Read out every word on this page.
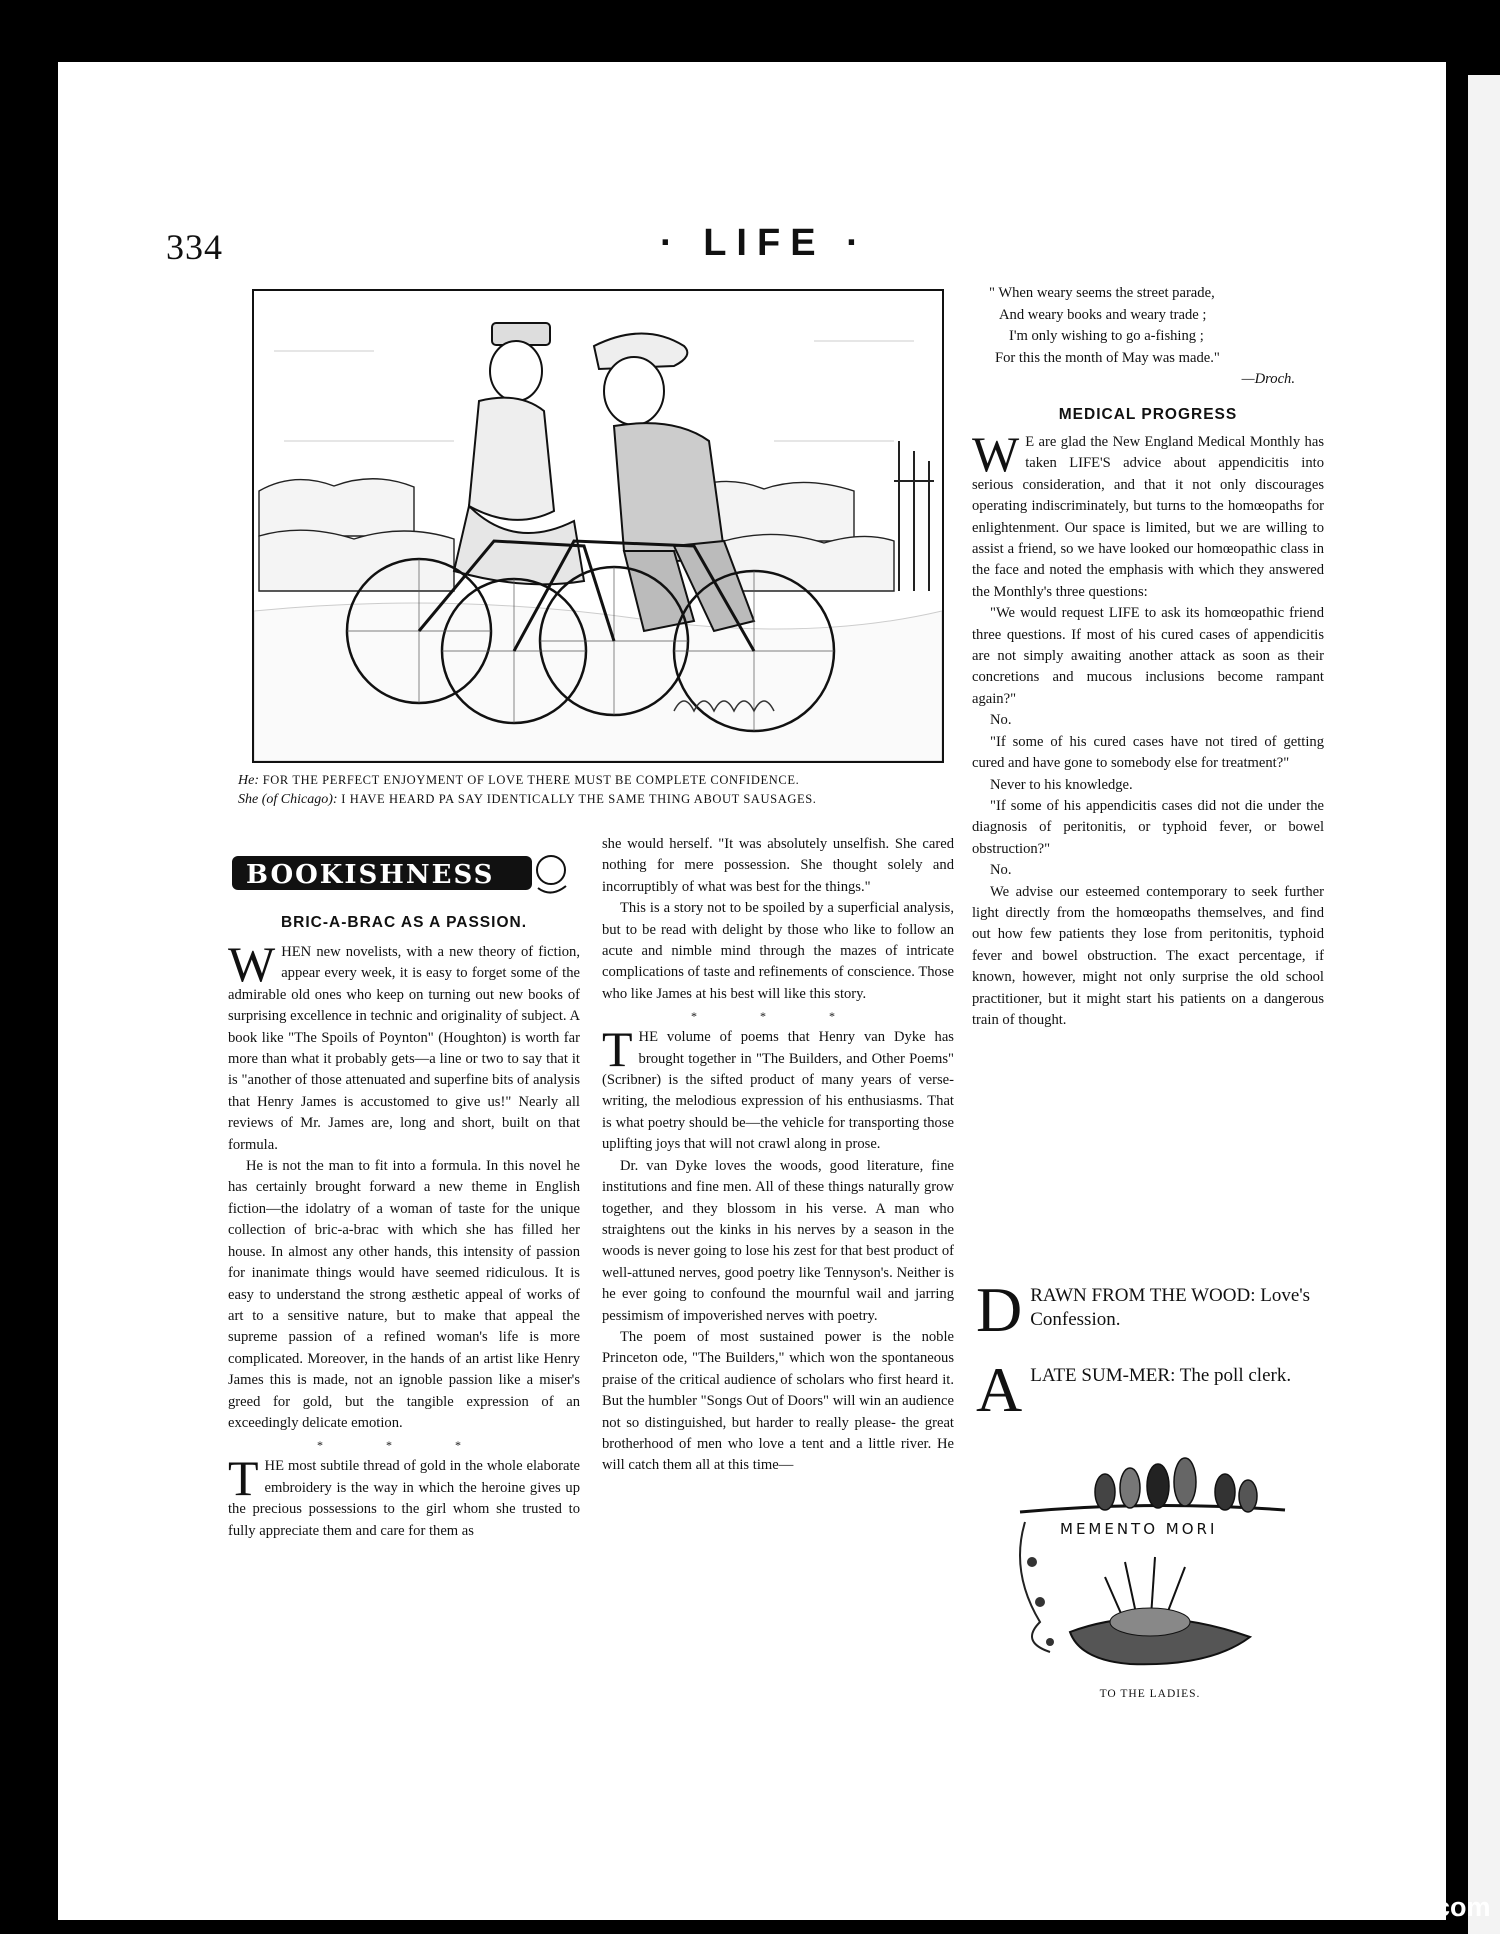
334	· LIFE ·
He: FOR THE PERFECT ENJOYMENT OF LOVE THERE MUST BE COMPLETE CONFIDENCE.
She (of Chicago): I HAVE HEARD PA SAY IDENTICALLY THE SAME THING ABOUT SAUSAGES.
BOOKISHNESS
BRIC-A-BRAC AS A PASSION.

WHEN new novelists, with a new theory of fiction, appear every week, it is easy to forget some of the admirable old ones who keep on turning out new books of surprising excellence in technic and originality of subject. A book like "The Spoils of Poynton" (Houghton) is worth far more than what it probably gets—a line or two to say that it is "another of those attenuated and superfine bits of analysis that Henry James is accustomed to give us!" Nearly all reviews of Mr. James are, long and short, built on that formula.

He is not the man to fit into a formula. In this novel he has certainly brought forward a new theme in English fiction—the idolatry of a woman of taste for the unique collection of bric-a-brac with which she has filled her house. In almost any other hands, this intensity of passion for inanimate things would have seemed ridiculous. It is easy to understand the strong æsthetic appeal of works of art to a sensitive nature, but to make that appeal the supreme passion of a refined woman's life is more complicated. Moreover, in the hands of an artist like Henry James this is made, not an ignoble passion like a miser's greed for gold, but the tangible expression of an exceedingly delicate emotion.

* * *

THE most subtile thread of gold in the whole elaborate embroidery is the way in which the heroine gives up the precious possessions to the girl whom she trusted to fully appreciate them and care for them as

she would herself. "It was absolutely unselfish. She cared nothing for mere possession. She thought solely and incorruptibly of what was best for the things."

This is a story not to be spoiled by a superficial analysis, but to be read with delight by those who like to follow an acute and nimble mind through the mazes of intricate complications of taste and refinements of conscience. Those who like James at his best will like this story.

* * *

THE volume of poems that Henry van Dyke has brought together in "The Builders, and Other Poems" (Scribner) is the sifted product of many years of verse-writing, the melodious expression of his enthusiasms. That is what poetry should be—the vehicle for transporting those uplifting joys that will not crawl along in prose.

Dr. van Dyke loves the woods, good literature, fine institutions and fine men. All of these things naturally grow together, and they blossom in his verse. A man who straightens out the kinks in his nerves by a season in the woods is never going to lose his zest for that best product of well-attuned nerves, good poetry like Tennyson's. Neither is he ever going to confound the mournful wail and jarring pessimism of impoverished nerves with poetry.

The poem of most sustained power is the noble Princeton ode, "The Builders," which won the spontaneous praise of the critical audience of scholars who first heard it. But the humbler "Songs Out of Doors" will win an audience not so distinguished, but harder to really please- the great brotherhood of men who love a tent and a little river. He will catch them all at this time—

" When weary seems the street parade,
And weary books and weary trade ;
I'm only wishing to go a-fishing ;
For this the month of May was made."
—Droch.
MEDICAL PROGRESS

W E are glad the New England Medical Monthly has taken LIFE'S advice about appendicitis into serious consideration, and that it not only discourages operating indiscriminately, but turns to the homœopaths for enlightenment. Our space is limited, but we are willing to assist a friend, so we have looked our homœopathic class in the face and noted the emphasis with which they answered the Monthly's three questions:

"We would request LIFE to ask its homœopathic friend three questions. If most of his cured cases of appendicitis are not simply awaiting another attack as soon as their concretions and mucous inclusions become rampant again?"

No.

"If some of his cured cases have not tired of getting cured and have gone to somebody else for treatment?"

Never to his knowledge.

"If some of his appendicitis cases did not die under the diagnosis of peritonitis, or typhoid fever, or bowel obstruction?"

No.

We advise our esteemed contemporary to seek further light directly from the homœopaths themselves, and find out how few patients they lose from peritonitis, typhoid fever and bowel obstruction. The exact percentage, if known, however, might not only surprise the old school practitioner, but it might start his patients on a dangerous train of thought.

DRAWN FROM THE WOOD: Love's Confession.
ALATE SUM-MER: The poll clerk.
MEMENTO MORI
TO THE LADIES.
comicbooks.com
